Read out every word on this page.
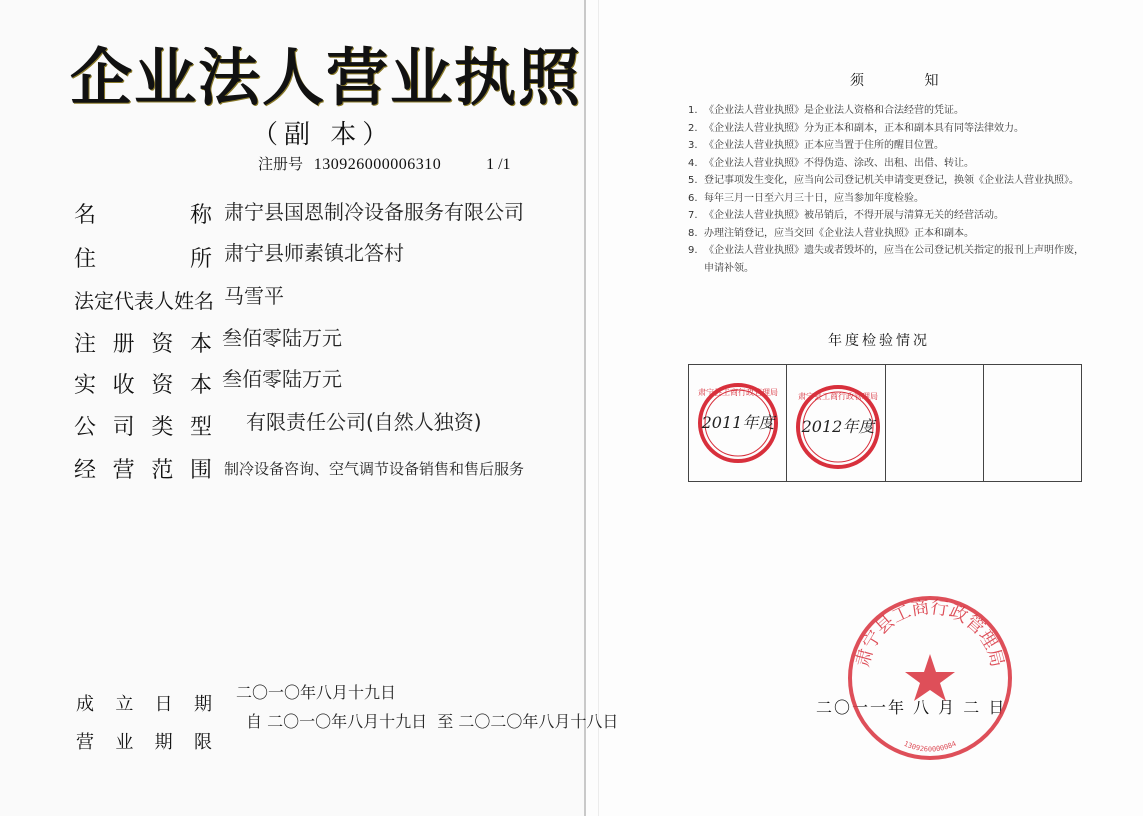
企业法人营业执照
（副 本）
注册号 130926000006310	1 /1
名	称 肃宁县国恩制冷设备服务有限公司
住	所 肃宁县师素镇北答村
法定代表人姓名 马雪平
注 册 资 本 叁佰零陆万元
实 收 资 本 叁佰零陆万元
公 司 类 型 有限责任公司(自然人独资)
经 营 范 围 制冷设备咨询、空气调节设备销售和售后服务
成 立 日 期
二〇一〇年八月十九日
营 业 期 限
自 二〇一〇年八月十九日  至 二〇二〇年八月十八日
须 知
1. 《企业法人营业执照》是企业法人资格和合法经营的凭证。
2. 《企业法人营业执照》分为正本和副本，正本和副本具有同等法律效力。
3. 《企业法人营业执照》正本应当置于住所的醒目位置。
4. 《企业法人营业执照》不得伪造、涂改、出租、出借、转让。
5. 登记事项发生变化，应当向公司登记机关申请变更登记，换领《企业法人营业执照》。
6. 每年三月一日至六月三十日，应当参加年度检验。
7. 《企业法人营业执照》被吊销后，不得开展与清算无关的经营活动。
8. 办理注销登记，应当交回《企业法人营业执照》正本和副本。
9. 《企业法人营业执照》遗失或者毁坏的，应当在公司登记机关指定的报刊上声明作废，申请补领。
年度检验情况
2011年度
肃宁县工商行政管理局
2012年度
肃宁县工商行政管理局
二〇一一年 八 月 二 日
肃宁县工商行政管理局
1309260000084
